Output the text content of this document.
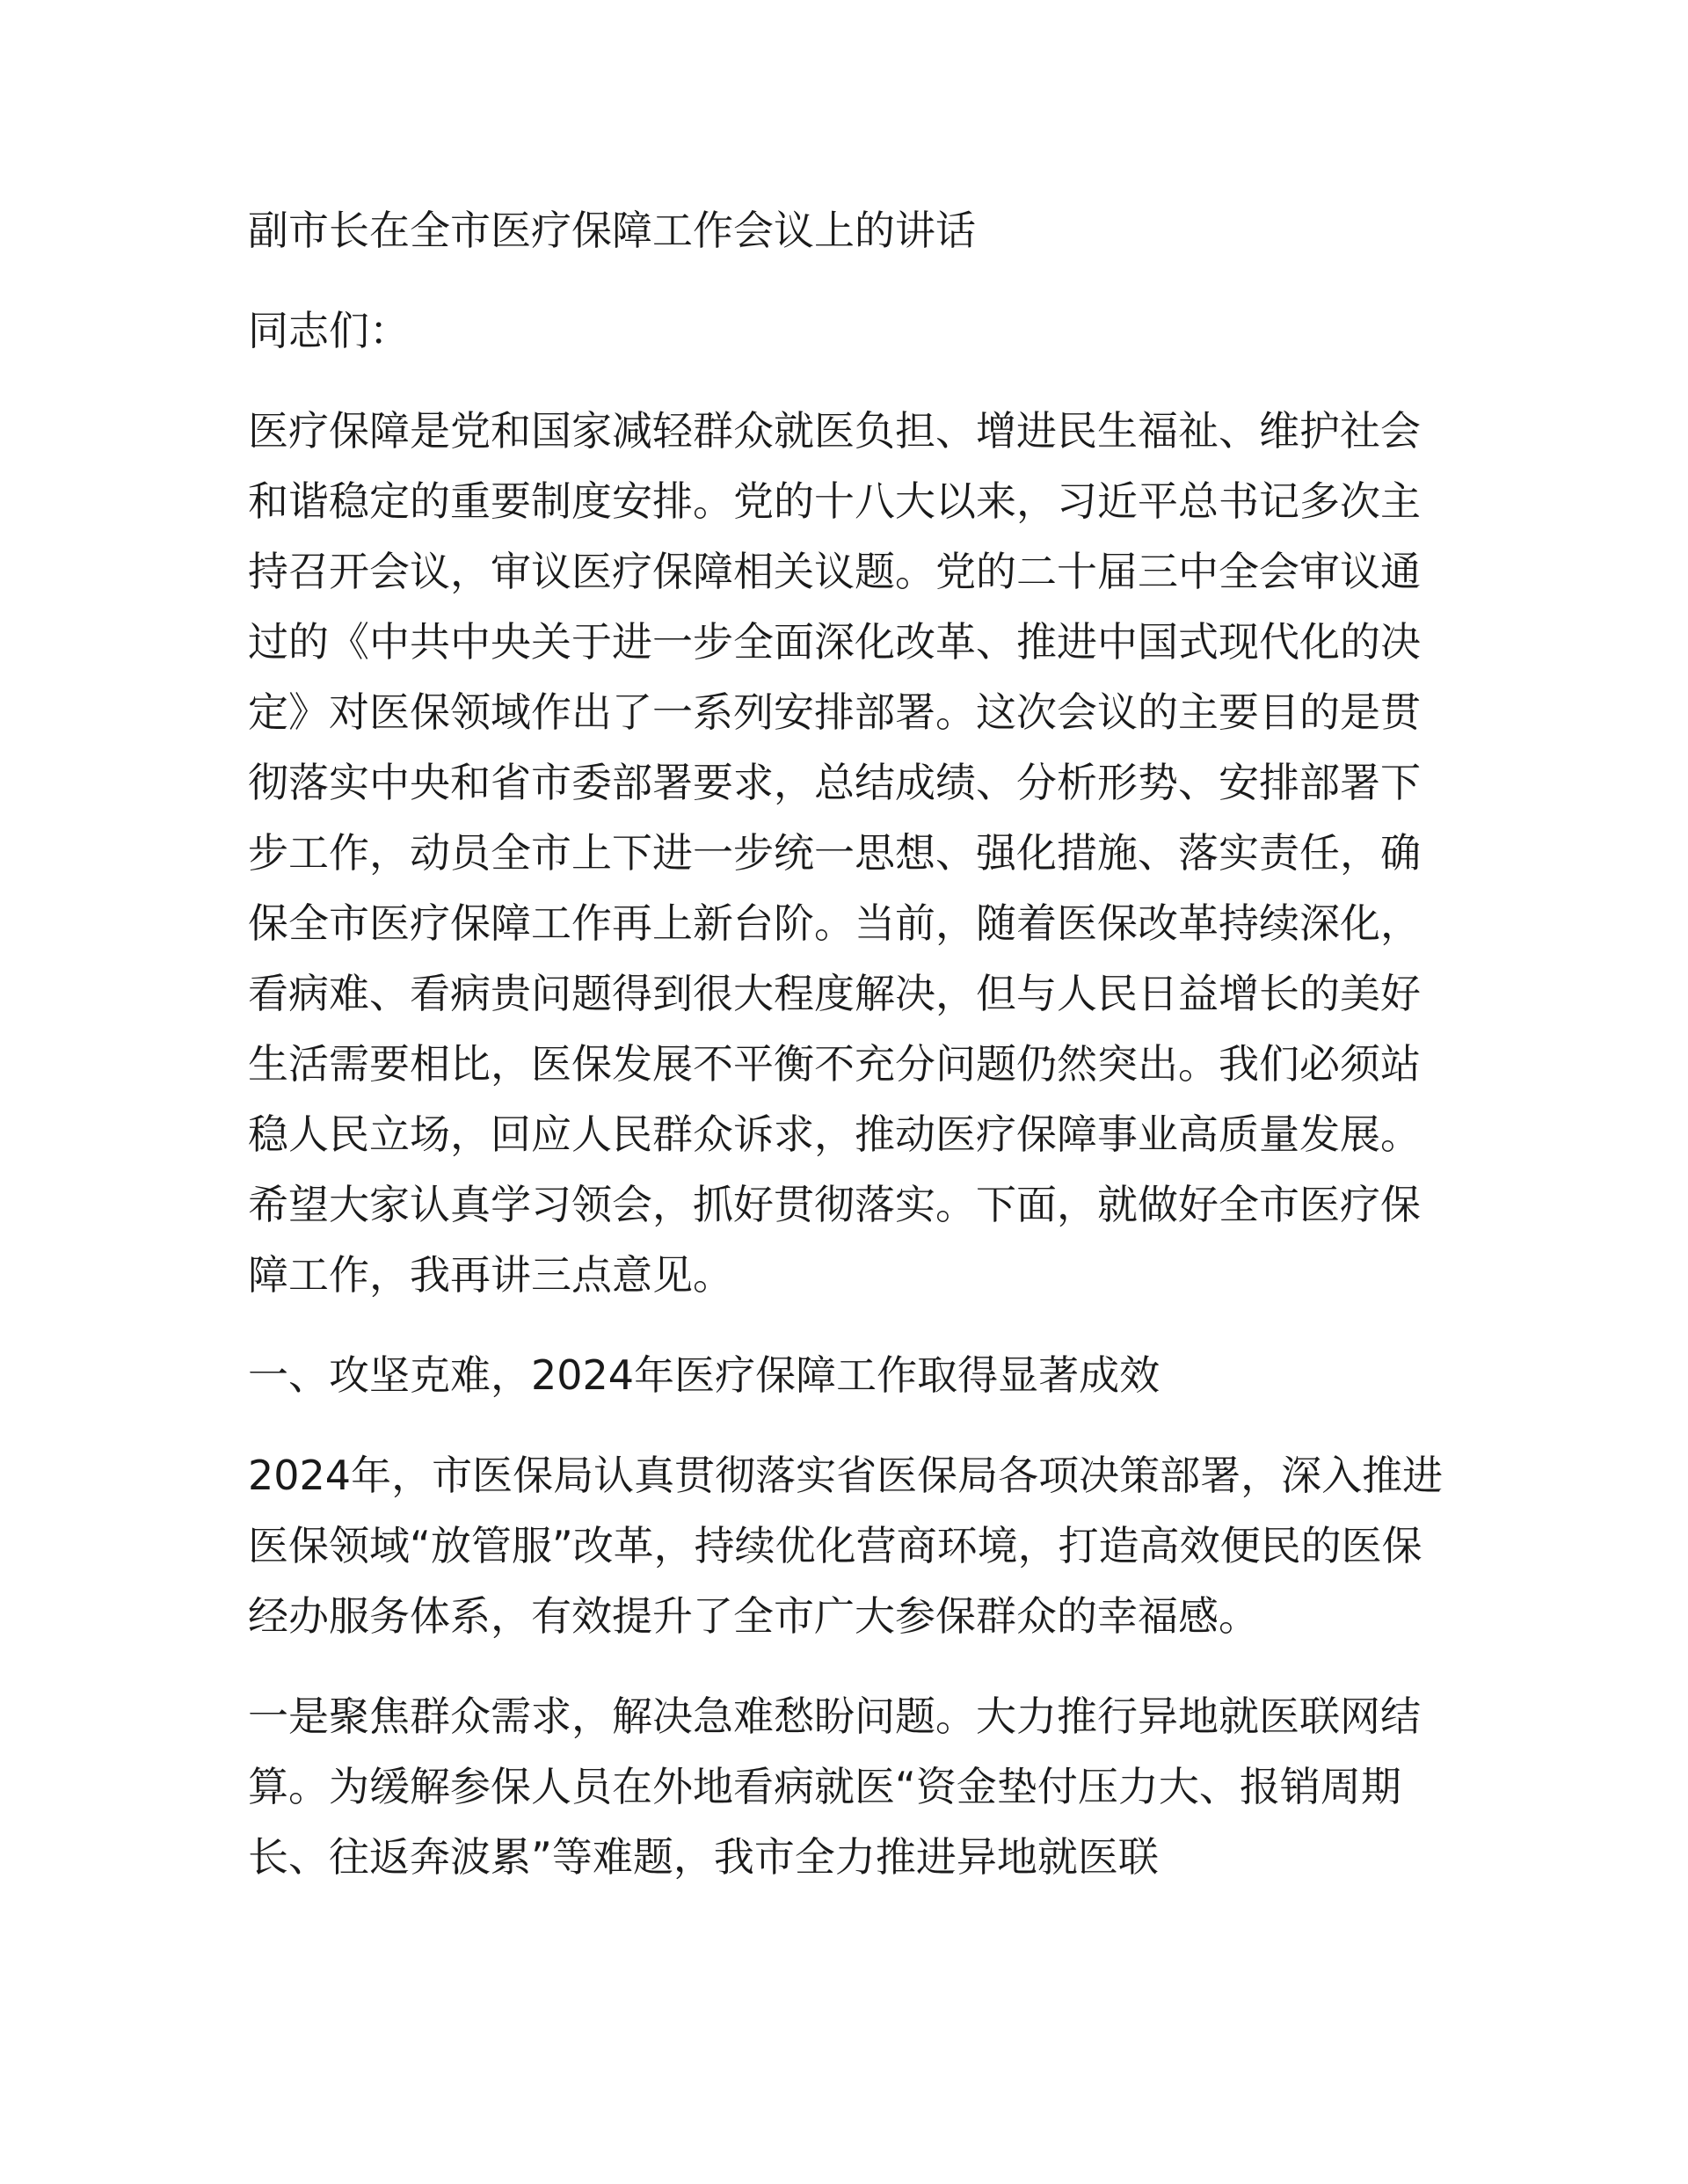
副市长在全市医疗保障工作会议上的讲话

同志们：

医疗保障是党和国家减轻群众就医负担、增进民生福祉、维护社会和谐稳定的重要制度安排。党的十八大以来，习近平总书记多次主持召开会议，审议医疗保障相关议题。党的二十届三中全会审议通过的《中共中央关于进一步全面深化改革、推进中国式现代化的决定》对医保领域作出了一系列安排部署。这次会议的主要目的是贯彻落实中央和省市委部署要求，总结成绩、分析形势、安排部署下步工作，动员全市上下进一步统一思想、强化措施、落实责任，确保全市医疗保障工作再上新台阶。当前，随着医保改革持续深化，看病难、看病贵问题得到很大程度解决，但与人民日益增长的美好生活需要相比，医保发展不平衡不充分问题仍然突出。我们必须站稳人民立场，回应人民群众诉求，推动医疗保障事业高质量发展。希望大家认真学习领会，抓好贯彻落实。下面，就做好全市医疗保障工作，我再讲三点意见。

一、攻坚克难，2024年医疗保障工作取得显著成效

2024年，市医保局认真贯彻落实省医保局各项决策部署，深入推进医保领域“放管服”改革，持续优化营商环境，打造高效便民的医保经办服务体系，有效提升了全市广大参保群众的幸福感。

一是聚焦群众需求，解决急难愁盼问题。大力推行异地就医联网结算。为缓解参保人员在外地看病就医“资金垫付压力大、报销周期长、往返奔波累”等难题，我市全力推进异地就医联
